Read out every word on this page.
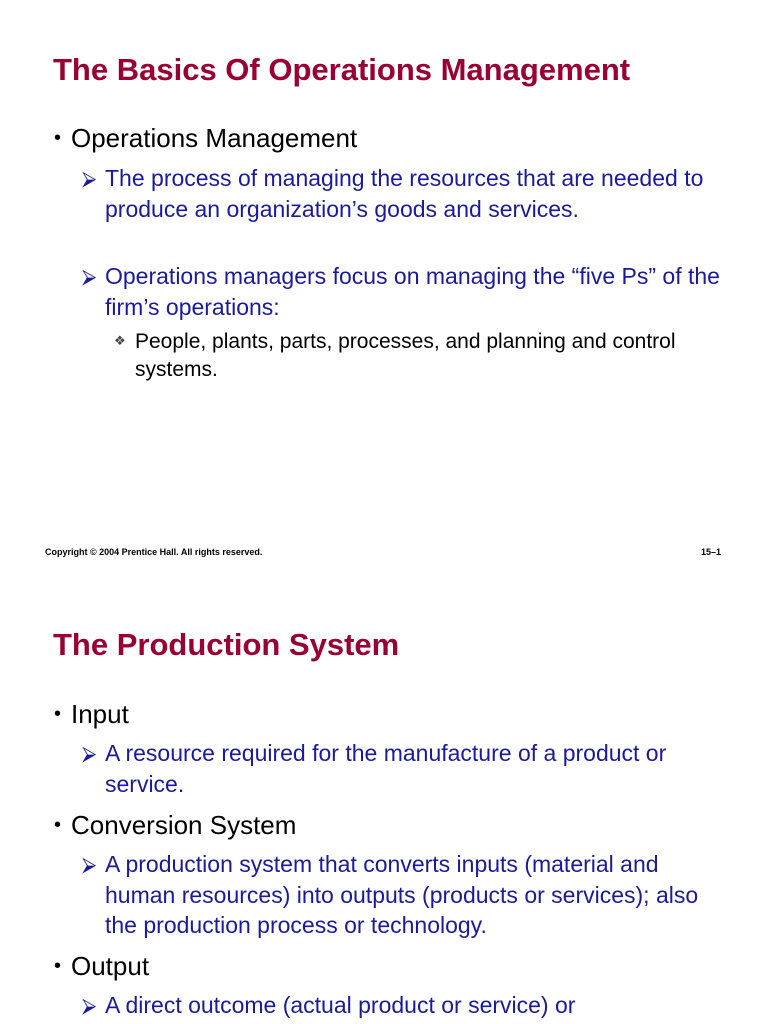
The Basics Of Operations Management
• Operations Management
⮚ The process of managing the resources that are needed to produce an organization’s goods and services.
⮚ Operations managers focus on managing the “five Ps” of the firm’s operations:
❖ People, plants, parts, processes, and planning and control systems.
Copyright © 2004 Prentice Hall. All rights reserved.	15–1
The Production System
• Input
⮚ A resource required for the manufacture of a product or service.
• Conversion System
⮚ A production system that converts inputs (material and human resources) into outputs (products or services); also the production process or technology.
• Output
⮚ A direct outcome (actual product or service) or
